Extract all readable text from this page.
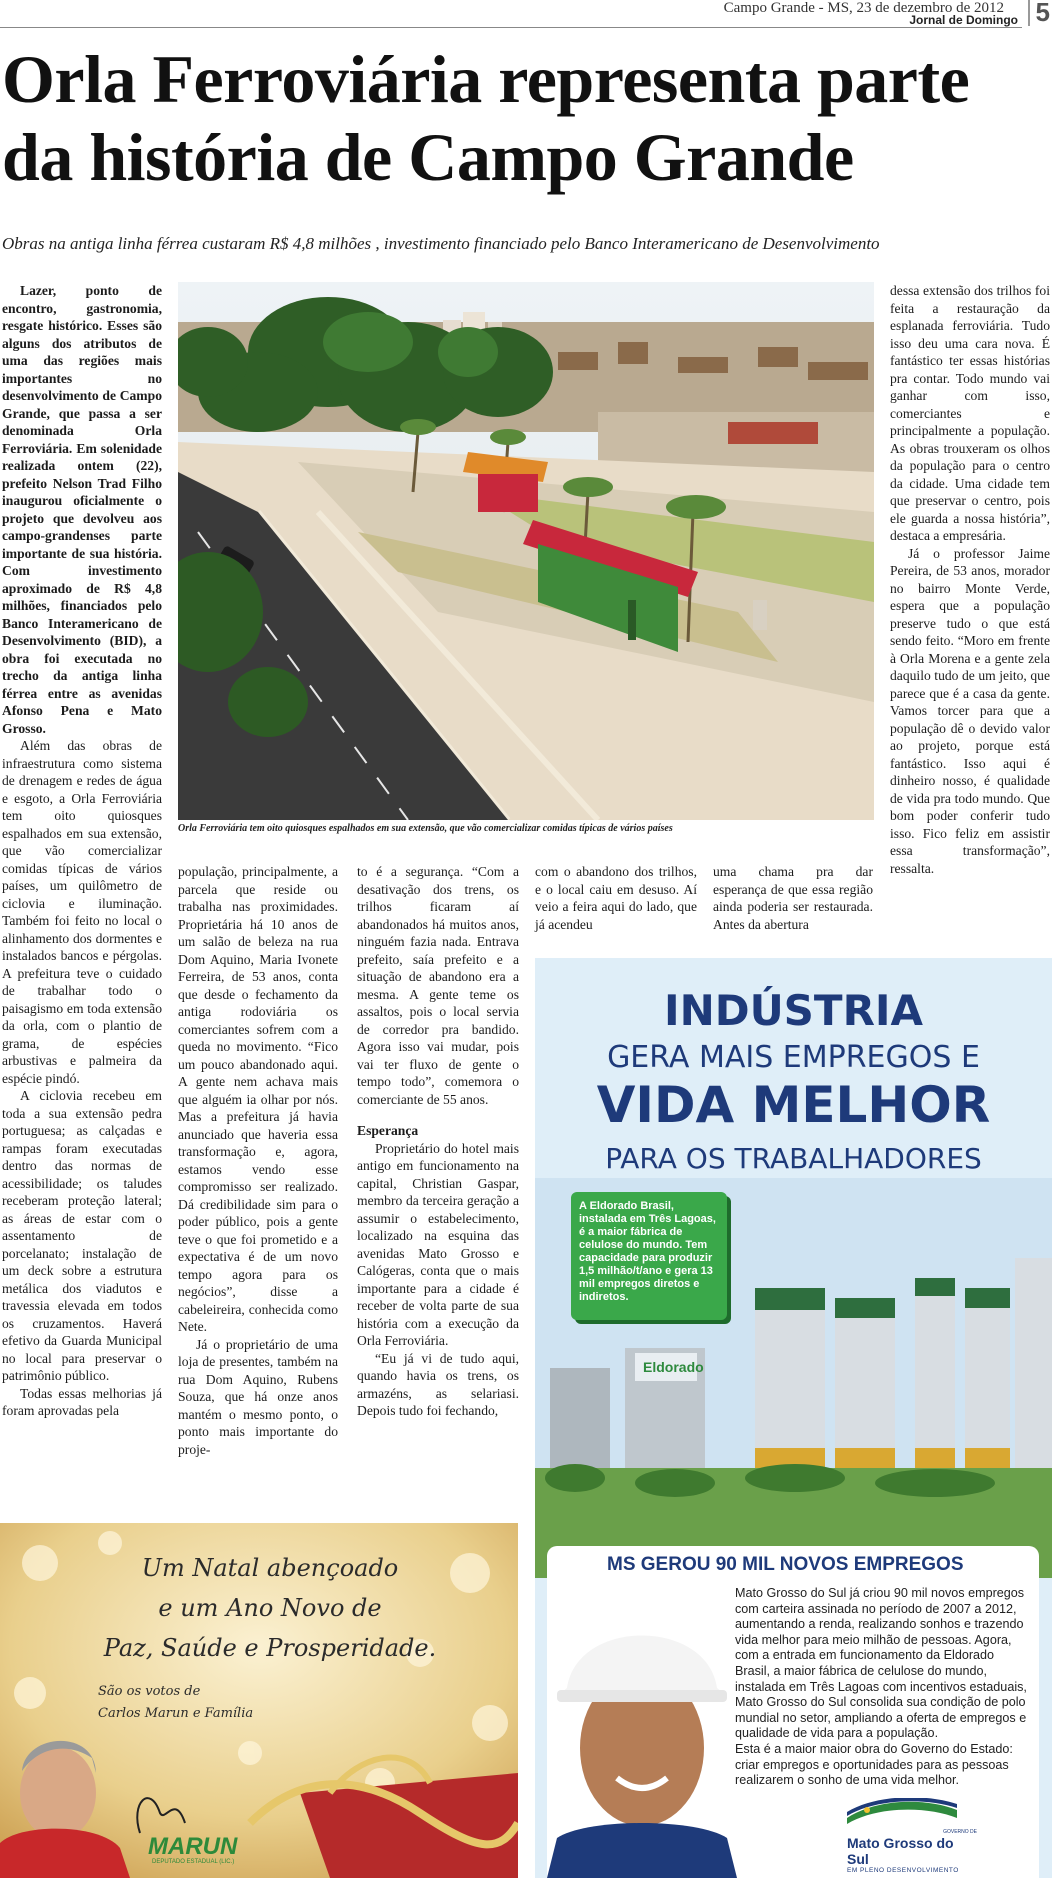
Campo Grande - MS, 23 de dezembro de 2012
Jornal de Domingo 5
Orla Ferroviária representa parte
da história de Campo Grande
Obras na antiga linha férrea custaram R$ 4,8 milhões , investimento financiado pelo Banco Interamericano de Desenvolvimento

Lazer, ponto de encontro, gastronomia, resgate histórico. Esses são alguns dos atributos de uma das regiões mais importantes no desenvolvimento de Campo Grande, que passa a ser denominada Orla Ferroviária. Em solenidade realizada ontem (22), prefeito Nelson Trad Filho inaugurou oficialmente o projeto que devolveu aos campo-grandenses parte importante de sua história. Com investimento aproximado de R$ 4,8 milhões, financiados pelo Banco Interamericano de Desenvolvimento (BID), a obra foi executada no trecho da antiga linha férrea entre as avenidas Afonso Pena e Mato Grosso.

Além das obras de infraestrutura como sistema de drenagem e redes de água e esgoto, a Orla Ferroviária tem oito quiosques espalhados em sua extensão, que vão comercializar comidas típicas de vários países, um quilômetro de ciclovia e iluminação. Também foi feito no local o alinhamento dos dormentes e instalados bancos e pérgolas. A prefeitura teve o cuidado de trabalhar todo o paisagismo em toda extensão da orla, com o plantio de grama, de espécies arbustivas e palmeira da espécie pindó.

A ciclovia recebeu em toda a sua extensão pedra portuguesa; as calçadas e rampas foram executadas dentro das normas de acessibilidade; os taludes receberam proteção lateral; as áreas de estar com o assentamento de porcelanato; instalação de um deck sobre a estrutura metálica dos viadutos e travessia elevada em todos os cruzamentos. Haverá efetivo da Guarda Municipal no local para preservar o patrimônio público.

Todas essas melhorias já foram aprovadas pela

Orla Ferroviária tem oito quiosques espalhados em sua extensão, que vão comercializar comidas típicas de vários países

população, principalmente, a parcela que reside ou trabalha nas proximidades. Proprietária há 10 anos de um salão de beleza na rua Dom Aquino, Maria Ivonete Ferreira, de 53 anos, conta que desde o fechamento da antiga rodoviária os comerciantes sofrem com a queda no movimento. “Fico um pouco abandonado aqui. A gente nem achava mais que alguém ia olhar por nós. Mas a prefeitura já havia anunciado que haveria essa transformação e, agora, estamos vendo esse compromisso ser realizado. Dá credibilidade sim para o poder público, pois a gente teve o que foi prometido e a expectativa é de um novo tempo agora para os negócios”, disse a cabeleireira, conhecida como Nete.

Já o proprietário de uma loja de presentes, também na rua Dom Aquino, Rubens Souza, que há onze anos mantém o mesmo ponto, o ponto mais importante do proje-

to é a segurança. “Com a desativação dos trens, os trilhos ficaram aí abandonados há muitos anos, ninguém fazia nada. Entrava prefeito, saía prefeito e a situação de abandono era a mesma. A gente teme os assaltos, pois o local servia de corredor pra bandido. Agora isso vai mudar, pois vai ter fluxo de gente o tempo todo”, comemora o comerciante de 55 anos.

Esperança

Proprietário do hotel mais antigo em funcionamento na capital, Christian Gaspar, membro da terceira geração a assumir o estabelecimento, localizado na esquina das avenidas Mato Grosso e Calógeras, conta que o mais importante para a cidade é receber de volta parte de sua história com a execução da Orla Ferroviária.

“Eu já vi de tudo aqui, quando havia os trens, os armazéns, as selariasi. Depois tudo foi fechando,

com o abandono dos trilhos, e o local caiu em desuso. Aí veio a feira aqui do lado, que já acendeu

uma chama pra dar esperança de que essa região ainda poderia ser restaurada. Antes da abertura

dessa extensão dos trilhos foi feita a restauração da esplanada ferroviária. Tudo isso deu uma cara nova. É fantástico ter essas histórias pra contar. Todo mundo vai ganhar com isso, comerciantes e principalmente a população. As obras trouxeram os olhos da população para o centro da cidade. Uma cidade tem que preservar o centro, pois ele guarda a nossa história”, destaca a empresária.

Já o professor Jaime Pereira, de 53 anos, morador no bairro Monte Verde, espera que a população preserve tudo o que está sendo feito. “Moro em frente à Orla Morena e a gente zela daquilo tudo de um jeito, que parece que é a casa da gente. Vamos torcer para que a população dê o devido valor ao projeto, porque está fantástico. Isso aqui é dinheiro nosso, é qualidade de vida pra todo mundo. Que bom poder conferir tudo isso. Fico feliz em assistir essa transformação”, ressalta.

Um Natal abençoado
e um Ano Novo de
Paz, Saúde e Prosperidade.
São os votos de
Carlos Marun e Família
MARUN
DEPUTADO ESTADUAL (LIC.)
INDÚSTRIA
GERA MAIS EMPREGOS E
VIDA MELHOR
PARA OS TRABALHADORES
Eldorado
A Eldorado Brasil, instalada em Três Lagoas, é a maior fábrica de celulose do mundo. Tem capacidade para produzir 1,5 milhão/t/ano e gera 13 mil empregos diretos e indiretos.
MS GEROU 90 MIL NOVOS EMPREGOS
Mato Grosso do Sul já criou 90 mil novos empregos com carteira assinada no período de 2007 a 2012, aumentando a renda, realizando sonhos e trazendo vida melhor para meio milhão de pessoas. Agora, com a entrada em funcionamento da Eldorado Brasil, a maior fábrica de celulose do mundo, instalada em Três Lagoas com incentivos estaduais, Mato Grosso do Sul consolida sua condição de polo mundial no setor, ampliando a oferta de empregos e qualidade de vida para a população.
Esta é a maior maior obra do Governo do Estado: criar empregos e oportunidades para as pessoas realizarem o sonho de uma vida melhor.
GOVERNO DE
Mato Grosso do Sul
EM PLENO DESENVOLVIMENTO
